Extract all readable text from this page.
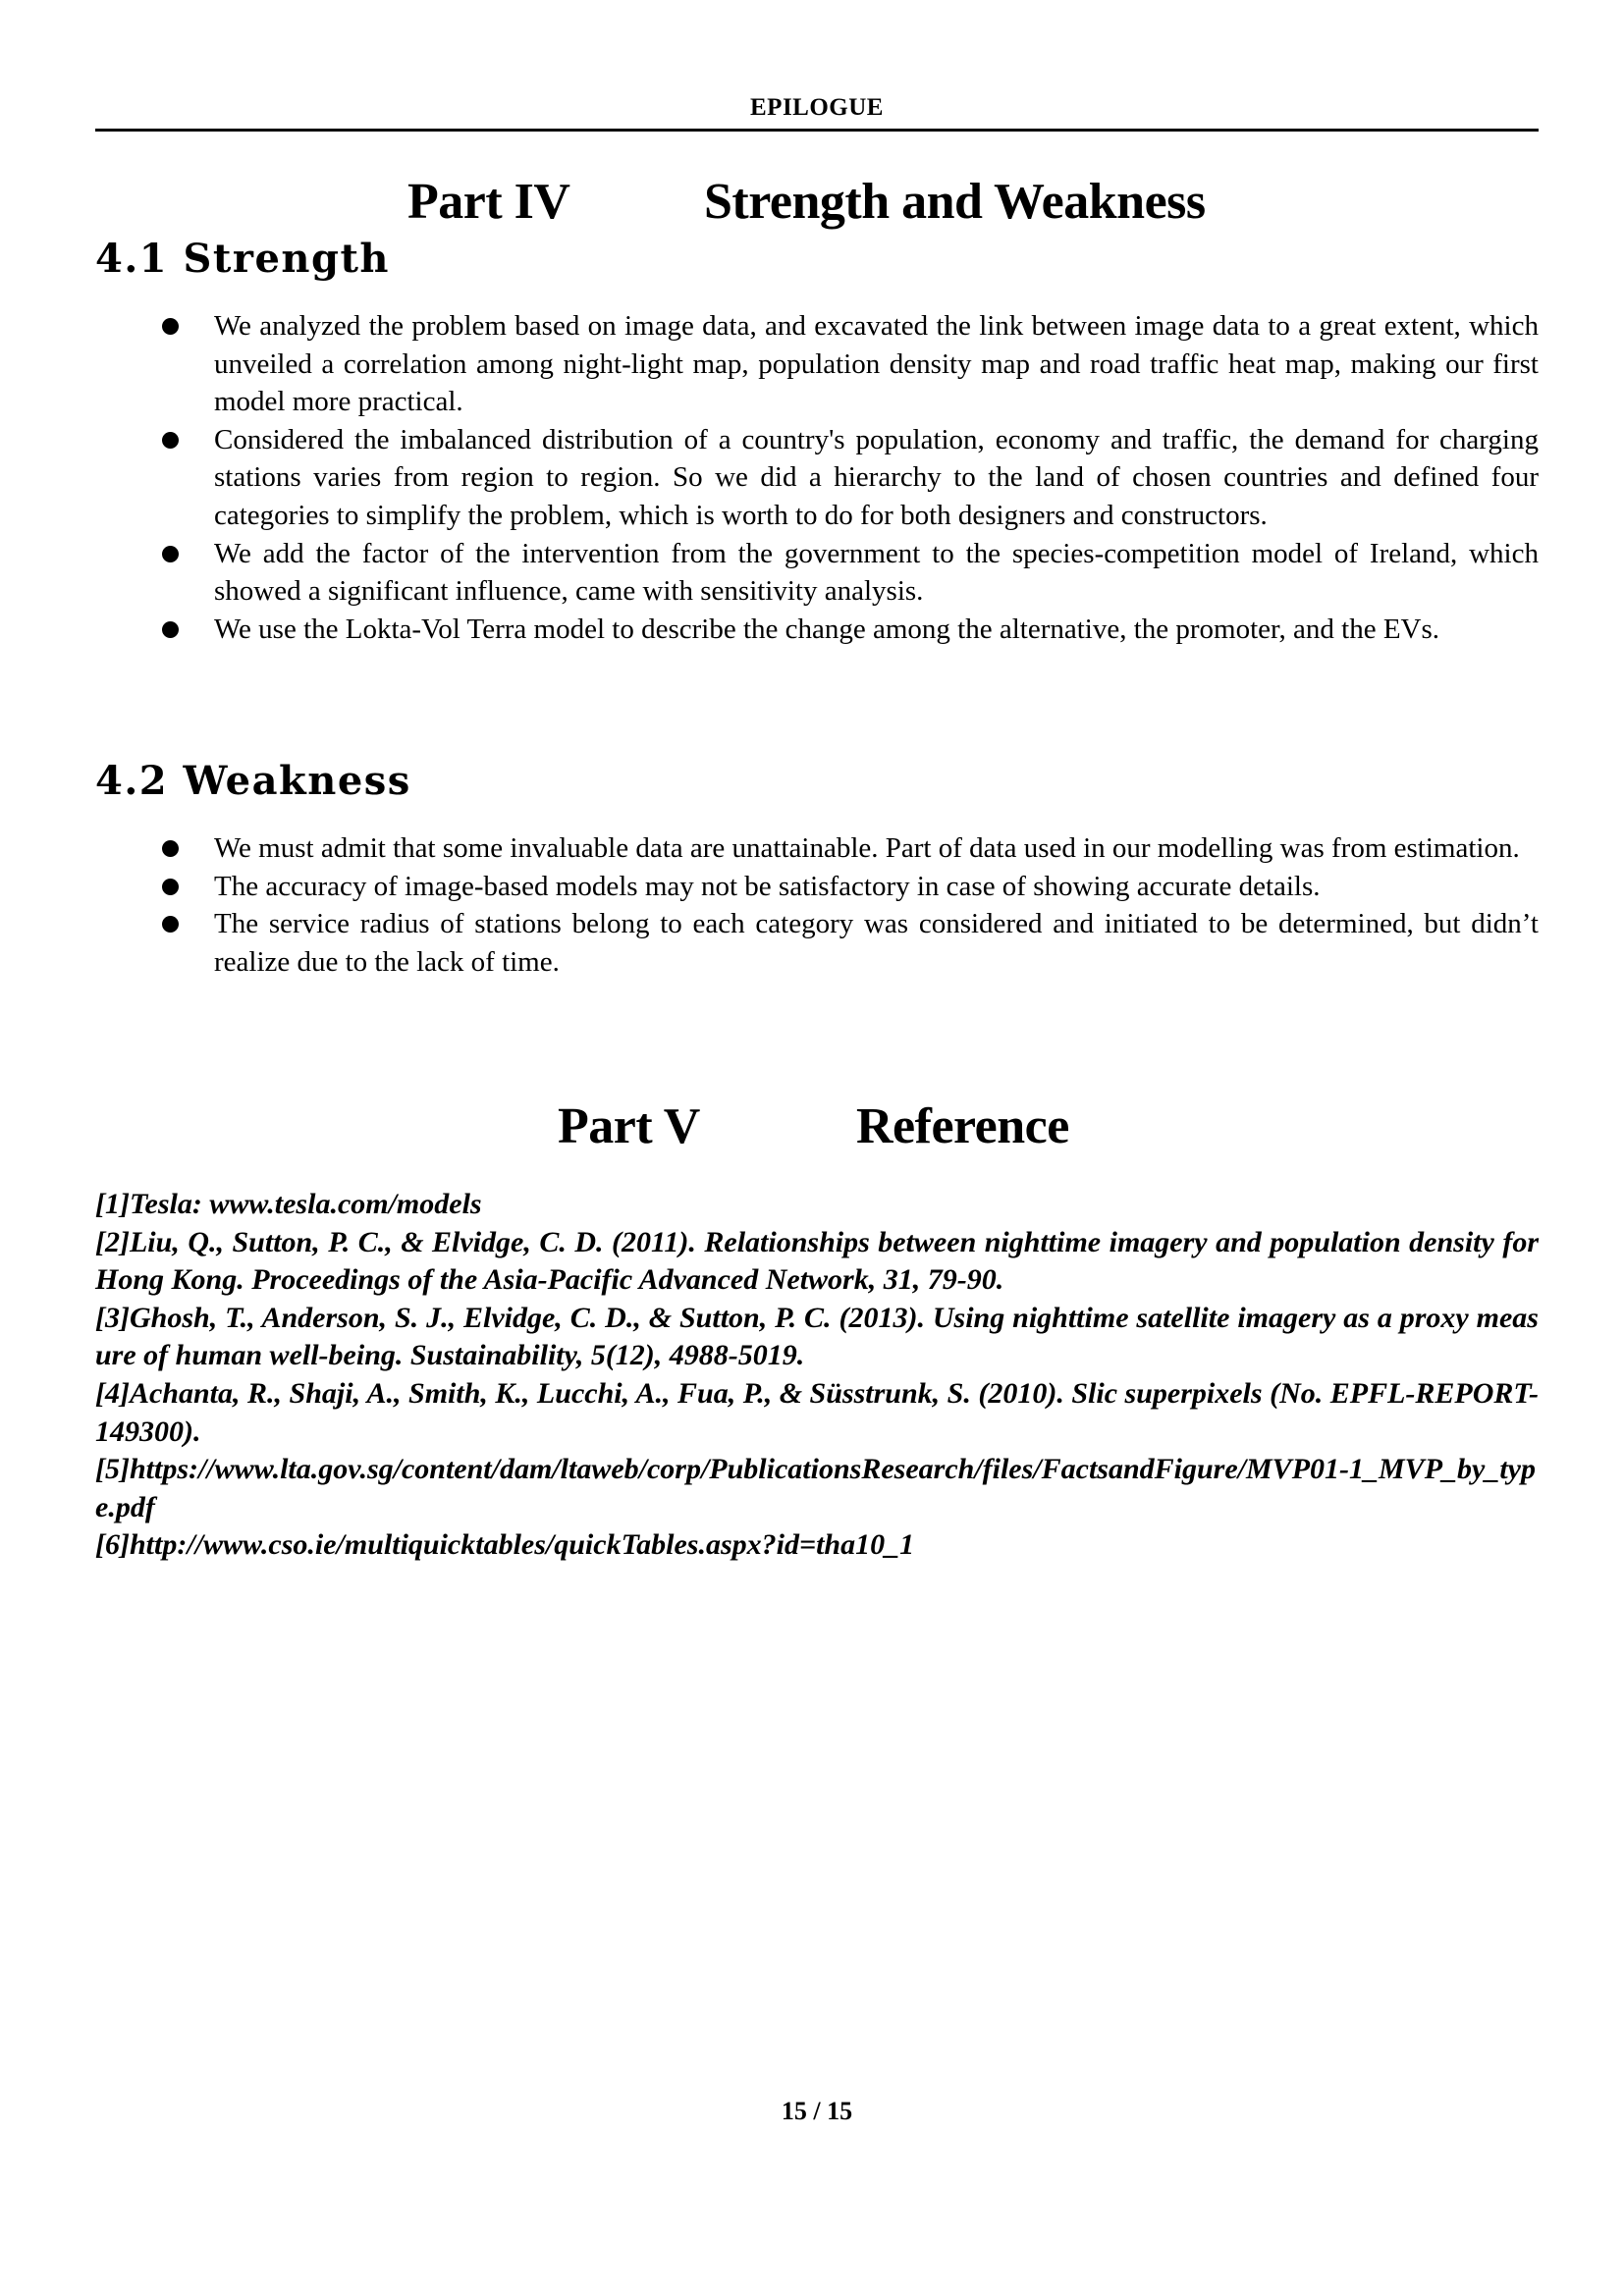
EPILOGUE
Part IV	Strength and Weakness
4.1 Strength
We analyzed the problem based on image data, and excavated the link between image data to a great extent, which unveiled a correlation among night-light map, population density map and road traffic heat map, making our first model more practical.
Considered the imbalanced distribution of a country's population, economy and traffic, the demand for charging stations varies from region to region. So we did a hierarchy to the land of chosen countries and defined four categories to simplify the problem, which is worth to do for both designers and constructors.
We add the factor of the intervention from the government to the species-competition model of Ireland, which showed a significant influence, came with sensitivity analysis.
We use the Lokta-Vol Terra model to describe the change among the alternative, the promoter, and the EVs.
4.2 Weakness
We must admit that some invaluable data are unattainable. Part of data used in our modelling was from estimation.
The accuracy of image-based models may not be satisfactory in case of showing accurate details.
The service radius of stations belong to each category was considered and initiated to be determined, but didn’t realize due to the lack of time.
Part V	Reference
[1]Tesla: www.tesla.com/models
[2]Liu, Q., Sutton, P. C., & Elvidge, C. D. (2011). Relationships between nighttime imagery and population density for Hong Kong. Proceedings of the Asia-Pacific Advanced Network, 31, 79-90.
[3]Ghosh, T., Anderson, S. J., Elvidge, C. D., & Sutton, P. C. (2013). Using nighttime satellite imagery as a proxy measure of human well-being. Sustainability, 5(12), 4988-5019.
[4]Achanta, R., Shaji, A., Smith, K., Lucchi, A., Fua, P., & Süsstrunk, S. (2010). Slic superpixels (No. EPFL-REPORT-149300).
[5]https://www.lta.gov.sg/content/dam/ltaweb/corp/PublicationsResearch/files/FactsandFigure/MVP01-1_MVP_by_type.pdf
[6]http://www.cso.ie/multiquicktables/quickTables.aspx?id=tha10_1
15 / 15
